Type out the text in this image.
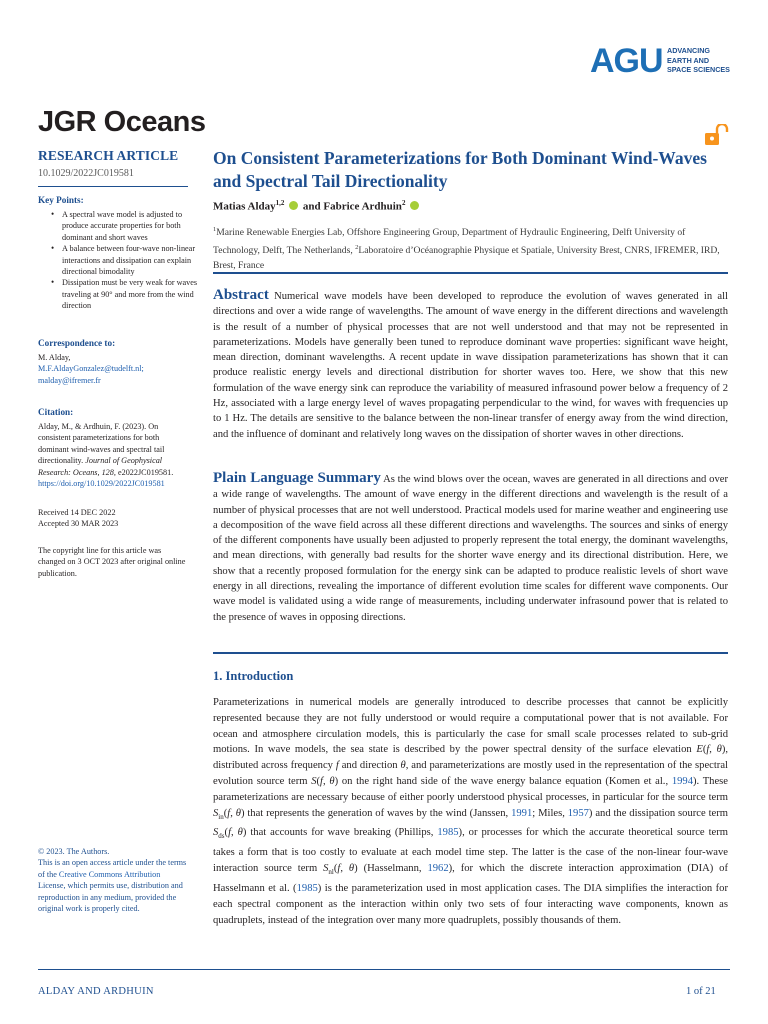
AGU ADVANCING
EARTH AND
SPACE SCIENCES
JGR Oceans
RESEARCH ARTICLE
10.1029/2022JC019581
Key Points:
• A spectral wave model is adjusted to produce accurate properties for both dominant and short waves
• A balance between four-wave non-linear interactions and dissipation can explain directional bimodality
• Dissipation must be very weak for waves traveling at 90° and more from the wind direction
Correspondence to:
M. Alday,
M.F.AldayGonzalez@tudelft.nl; malday@ifremer.fr
Citation:
Alday, M., & Ardhuin, F. (2023). On consistent parameterizations for both dominant wind-waves and spectral tail directionality. Journal of Geophysical Research: Oceans, 128, e2022JC019581. https://doi.org/10.1029/2022JC019581
Received 14 DEC 2022
Accepted 30 MAR 2023
The copyright line for this article was changed on 3 OCT 2023 after original online publication.
© 2023. The Authors.
This is an open access article under the terms of the Creative Commons Attribution License, which permits use, distribution and reproduction in any medium, provided the original work is properly cited.
On Consistent Parameterizations for Both Dominant Wind-Waves and Spectral Tail Directionality
Matias Alday$^{1,2}$ and Fabrice Ardhuin$^2$
$^1$Marine Renewable Energies Lab, Offshore Engineering Group, Department of Hydraulic Engineering, Delft University of Technology, Delft, The Netherlands, $^2$Laboratoire d’Océanographie Physique et Spatiale, University Brest, CNRS, IFREMER, IRD, Brest, France
Abstract Numerical wave models have been developed to reproduce the evolution of waves generated in all directions and over a wide range of wavelengths. The amount of wave energy in the different directions and wavelength is the result of a number of physical processes that are not well understood and that may not be represented in parameterizations. Models have generally been tuned to reproduce dominant wave properties: significant wave height, mean direction, dominant wavelengths. A recent update in wave dissipation parameterizations has shown that it can produce realistic energy levels and directional distribution for shorter waves too. Here, we show that this new formulation of the wave energy sink can reproduce the variability of measured infrasound power below a frequency of 2 Hz, associated with a large energy level of waves propagating perpendicular to the wind, for waves with frequencies up to 1 Hz. The details are sensitive to the balance between the non-linear transfer of energy away from the wind direction, and the influence of dominant and relatively long waves on the dissipation of shorter waves in other directions.
Plain Language Summary As the wind blows over the ocean, waves are generated in all directions and over a wide range of wavelengths. The amount of wave energy in the different directions and wavelength is the result of a number of physical processes that are not well understood. Practical models used for marine weather and engineering use a decomposition of the wave field across all these different directions and wavelengths. The sources and sinks of energy of the different components have usually been adjusted to properly represent the total energy, the dominant wavelengths, and mean directions, with generally bad results for the shorter wave energy and its directional distribution. Here, we show that a recently proposed formulation for the energy sink can be adapted to produce realistic levels of short wave energy in all directions, revealing the importance of different evolution time scales for different wave components. Our wave model is validated using a wide range of measurements, including underwater infrasound power that is related to the presence of waves in opposing directions.
1. Introduction
Parameterizations in numerical models are generally introduced to describe processes that cannot be explicitly represented because they are not fully understood or would require a computational power that is not available. For ocean and atmosphere circulation models, this is particularly the case for small scale processes related to sub-grid motions. In wave models, the sea state is described by the power spectral density of the surface elevation E(f, θ), distributed across frequency f and direction θ, and parameterizations are mostly used in the representation of the spectral evolution source term S(f, θ) on the right hand side of the wave energy balance equation (Komen et al., 1994). These parameterizations are necessary because of either poorly understood physical processes, in particular for the source term $S_{in}(f$, θ) that represents the generation of waves by the wind (Janssen, 1991; Miles, 1957) and the dissipation source term $S_{ds}(f$, θ) that accounts for wave breaking (Phillips, 1985), or processes for which the accurate theoretical source term takes a form that is too costly to evaluate at each model time step. The latter is the case of the non-linear four-wave interaction source term $S_{nl}(f$, θ) (Hasselmann, 1962), for which the discrete interaction approximation (DIA) of Hasselmann et al. (1985) is the parameterization used in most application cases. The DIA simplifies the interaction for each spectral component as the interaction within only two sets of four interacting wave components, known as quadruplets, instead of the integration over many more quadruplets, possibly thousands of them.
ALDAY AND ARDHUIN	1 of 21
